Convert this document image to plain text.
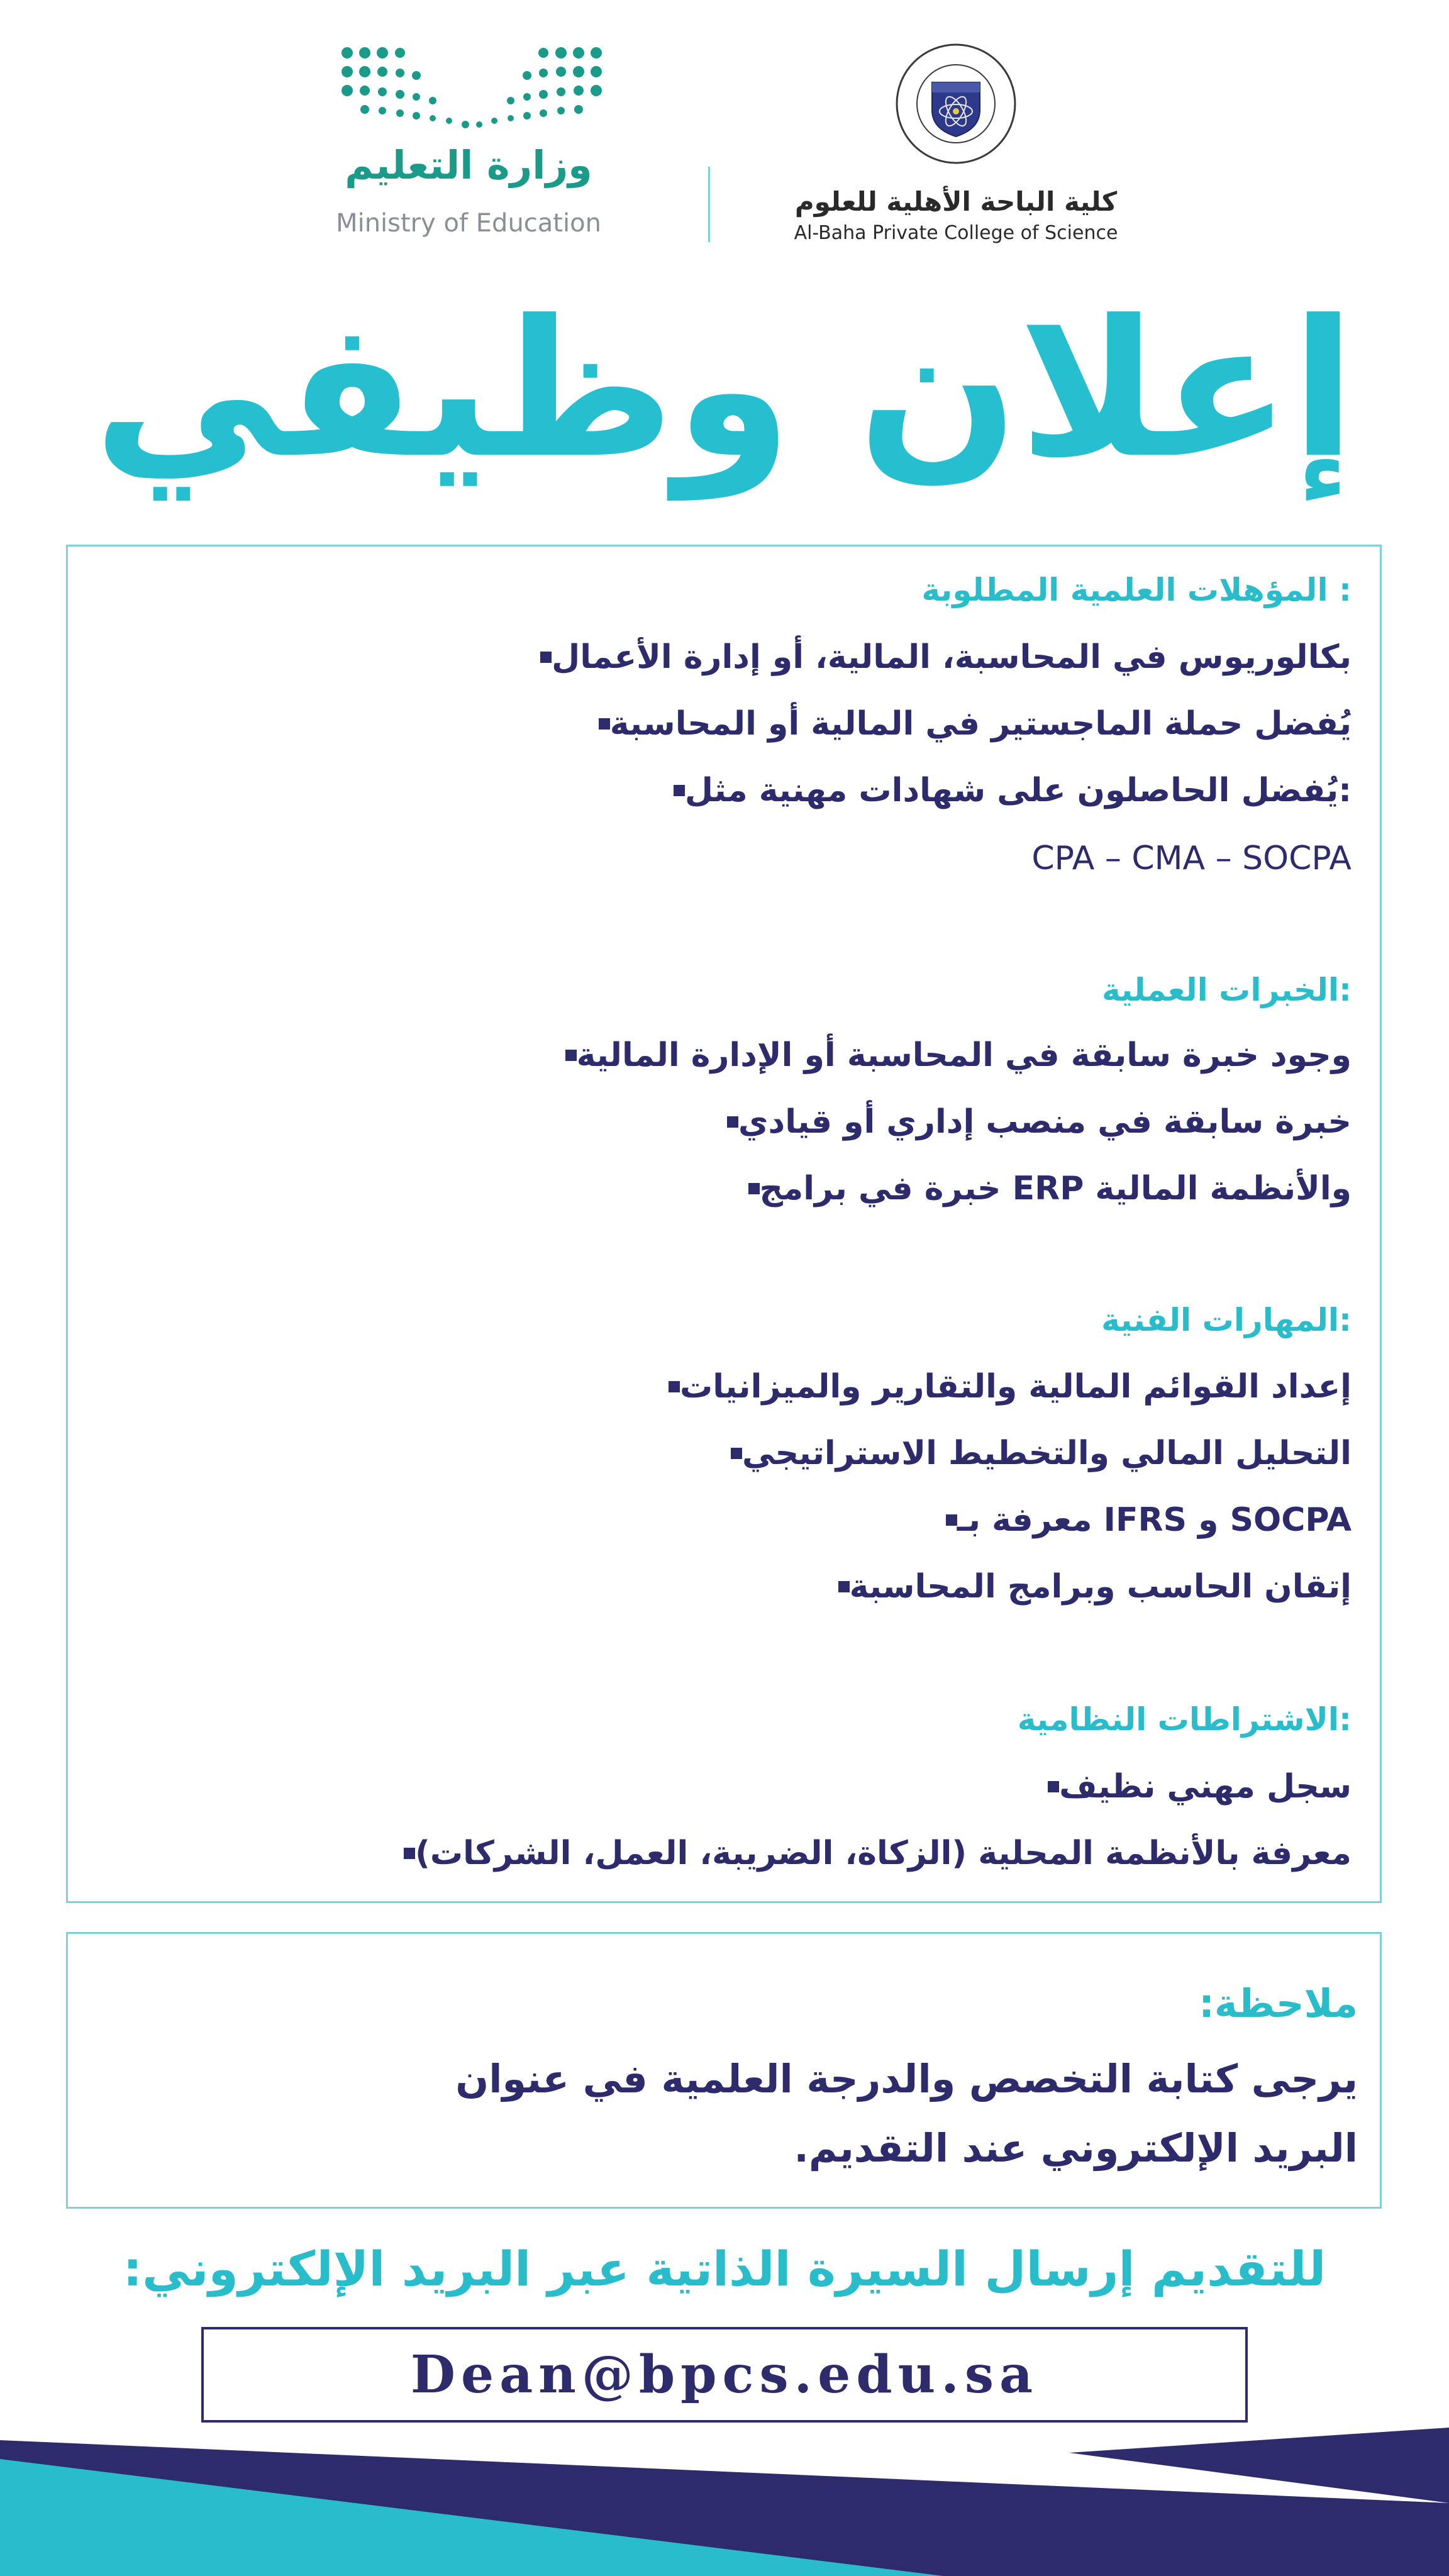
وزارة التعليم
Ministry of Education
كلية الباحة الأهلية للعلوم
Al-Baha Private College of Science
إعلان وظيفي
المؤهلات العلمية المطلوبة :
بكالوريوس في المحاسبة، المالية، أو إدارة الأعمال
يُفضل حملة الماجستير في المالية أو المحاسبة
يُفضل الحاصلون على شهادات مهنية مثل:
CPA – CMA – SOCPA
الخبرات العملية:
وجود خبرة سابقة في المحاسبة أو الإدارة المالية
خبرة سابقة في منصب إداري أو قيادي
خبرة في برامج ERP والأنظمة المالية
المهارات الفنية:
إعداد القوائم المالية والتقارير والميزانيات
التحليل المالي والتخطيط الاستراتيجي
معرفة بـ IFRS و SOCPA
إتقان الحاسب وبرامج المحاسبة
الاشتراطات النظامية:
سجل مهني نظيف
معرفة بالأنظمة المحلية (الزكاة، الضريبة، العمل، الشركات)
ملاحظة:
يرجى كتابة التخصص والدرجة العلمية في عنوان
البريد الإلكتروني عند التقديم.
للتقديم إرسال السيرة الذاتية عبر البريد الإلكتروني:
Dean@bpcs.edu.sa
